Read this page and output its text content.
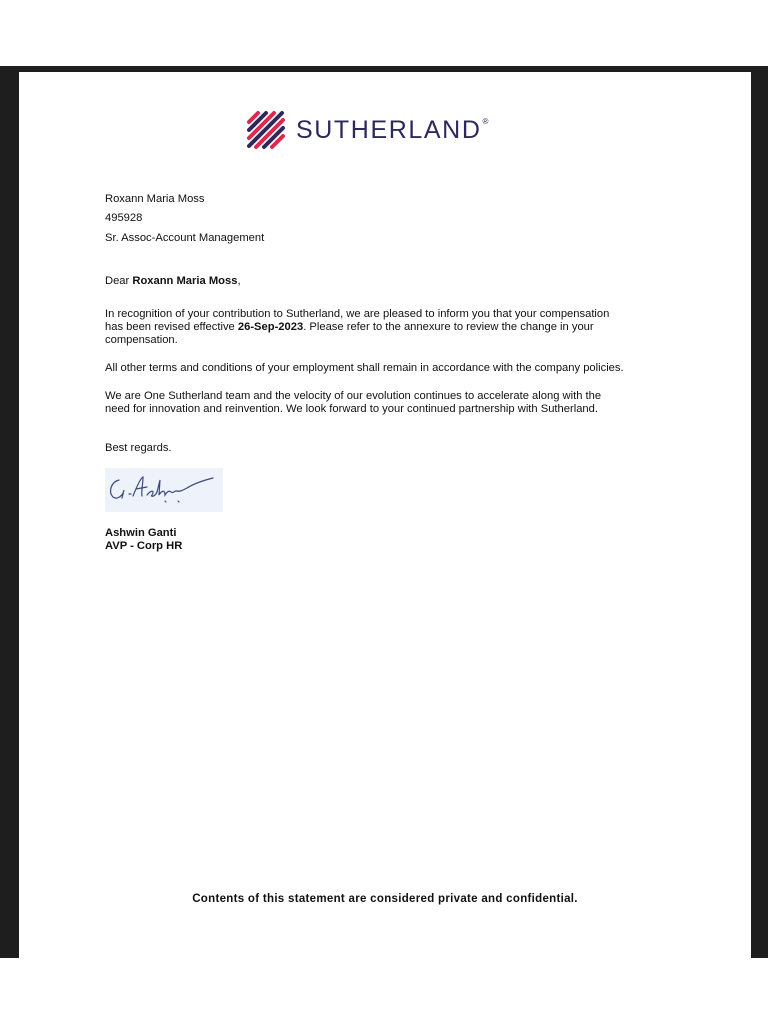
SUTHERLAND®
Roxann Maria Moss
495928
Sr. Assoc-Account Management
Dear Roxann Maria Moss,
In recognition of your contribution to Sutherland, we are pleased to inform you that your compensation
has been revised effective 26-Sep-2023. Please refer to the annexure to review the change in your
compensation.
All other terms and conditions of your employment shall remain in accordance with the company policies.
We are One Sutherland team and the velocity of our evolution continues to accelerate along with the
need for innovation and reinvention. We look forward to your continued partnership with Sutherland.
Best regards.
Ashwin Ganti
AVP - Corp HR
Contents of this statement are considered private and confidential.
